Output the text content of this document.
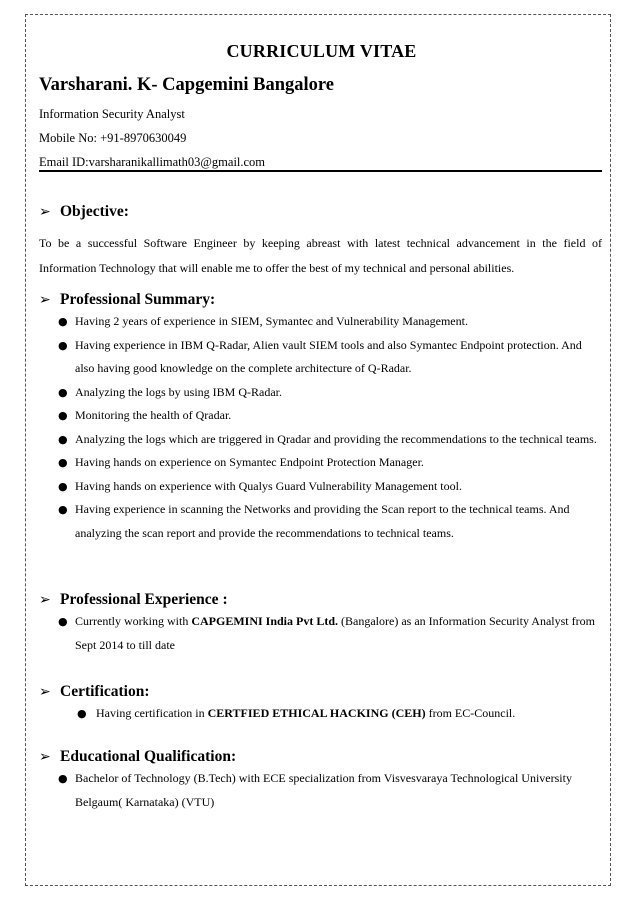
CURRICULUM VITAE

Varsharani. K- Capgemini Bangalore

Information Security Analyst

Mobile No: +91-8970630049

Email ID:varsharanikallimath03@gmail.com

➢ Objective:

To be a successful Software Engineer by keeping abreast with latest technical advancement in the field of Information Technology that will enable me to offer the best of my technical and personal abilities.

➢ Professional Summary:
● Having 2 years of experience in SIEM, Symantec and Vulnerability Management.
● Having experience in IBM Q-Radar, Alien vault SIEM tools and also Symantec Endpoint protection. And also having good knowledge on the complete architecture of Q-Radar.
● Analyzing the logs by using IBM Q-Radar.
● Monitoring the health of Qradar.
● Analyzing the logs which are triggered in Qradar and providing the recommendations to the technical teams.
● Having hands on experience on Symantec Endpoint Protection Manager.
● Having hands on experience with Qualys Guard Vulnerability Management tool.
● Having experience in scanning the Networks and providing the Scan report to the technical teams. And analyzing the scan report and provide the recommendations to technical teams.
➢ Professional Experience :
● Currently working with CAPGEMINI India Pvt Ltd. (Bangalore) as an Information Security Analyst from Sept 2014 to till date
➢ Certification:
● Having certification in CERTFIED ETHICAL HACKING (CEH) from EC-Council.
➢ Educational Qualification:
● Bachelor of Technology (B.Tech) with ECE specialization from Visvesvaraya Technological University Belgaum( Karnataka) (VTU)
